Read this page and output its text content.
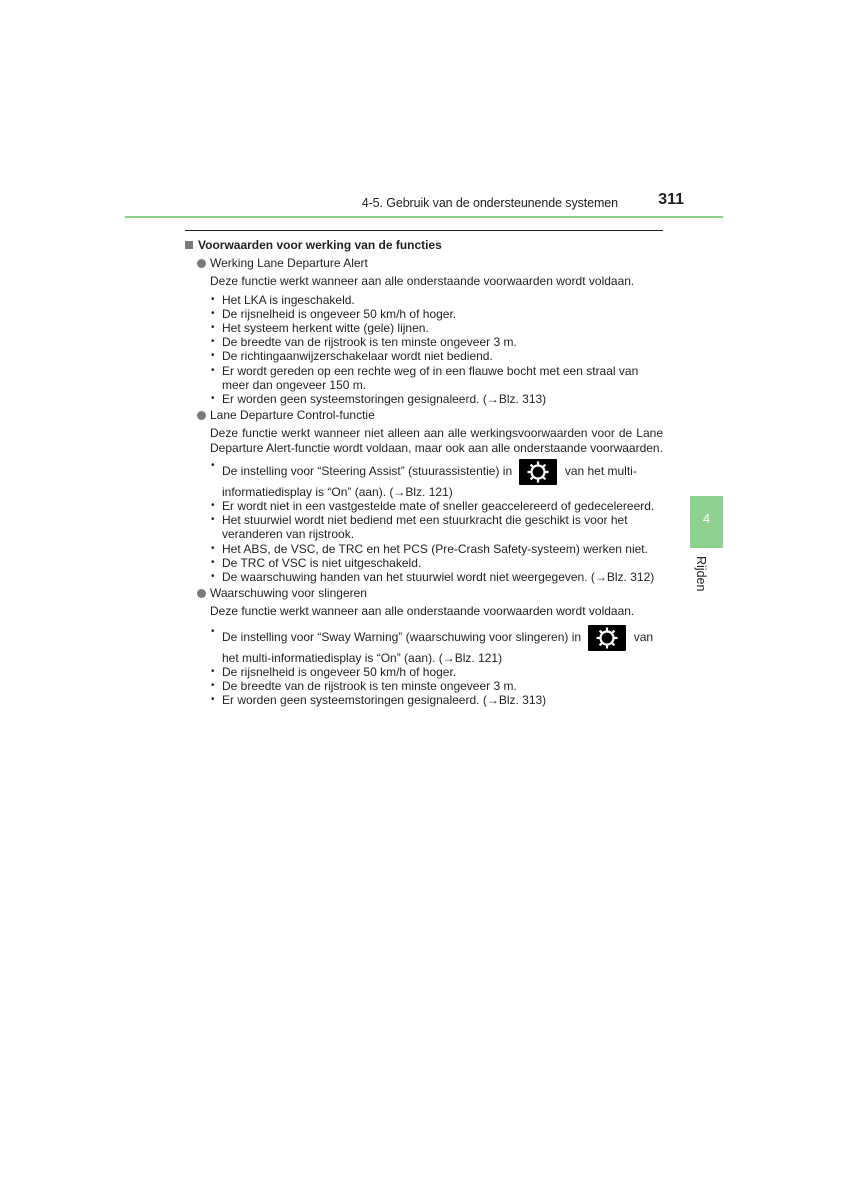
4-5. Gebruik van de ondersteunende systemen	311
4
Rijden
Voorwaarden voor werking van de functies
Werking Lane Departure Alert

Deze functie werkt wanneer aan alle onderstaande voorwaarden wordt voldaan.

• Het LKA is ingeschakeld.
• De rijsnelheid is ongeveer 50 km/h of hoger.
• Het systeem herkent witte (gele) lijnen.
• De breedte van de rijstrook is ten minste ongeveer 3 m.
• De richtingaanwijzerschakelaar wordt niet bediend.
• Er wordt gereden op een rechte weg of in een flauwe bocht met een straal van meer dan ongeveer 150 m.
• Er worden geen systeemstoringen gesignaleerd. (→Blz. 313)
Lane Departure Control-functie

Deze functie werkt wanneer niet alleen aan alle werkingsvoorwaarden voor de Lane Departure Alert-functie wordt voldaan, maar ook aan alle onderstaande voorwaarden.

• De instelling voor “Steering Assist” (stuurassistentie) in	van het multi-informatiedisplay is “On” (aan). (→Blz. 121)
• Er wordt niet in een vastgestelde mate of sneller geaccelereerd of gedecelereerd.
• Het stuurwiel wordt niet bediend met een stuurkracht die geschikt is voor het veranderen van rijstrook.
• Het ABS, de VSC, de TRC en het PCS (Pre-Crash Safety-systeem) werken niet.
• De TRC of VSC is niet uitgeschakeld.
• De waarschuwing handen van het stuurwiel wordt niet weergegeven. (→Blz. 312)
Waarschuwing voor slingeren

Deze functie werkt wanneer aan alle onderstaande voorwaarden wordt voldaan.

• De instelling voor “Sway Warning” (waarschuwing voor slingeren) in	van het multi-informatiedisplay is “On” (aan). (→Blz. 121)
• De rijsnelheid is ongeveer 50 km/h of hoger.
• De breedte van de rijstrook is ten minste ongeveer 3 m.
• Er worden geen systeemstoringen gesignaleerd. (→Blz. 313)
